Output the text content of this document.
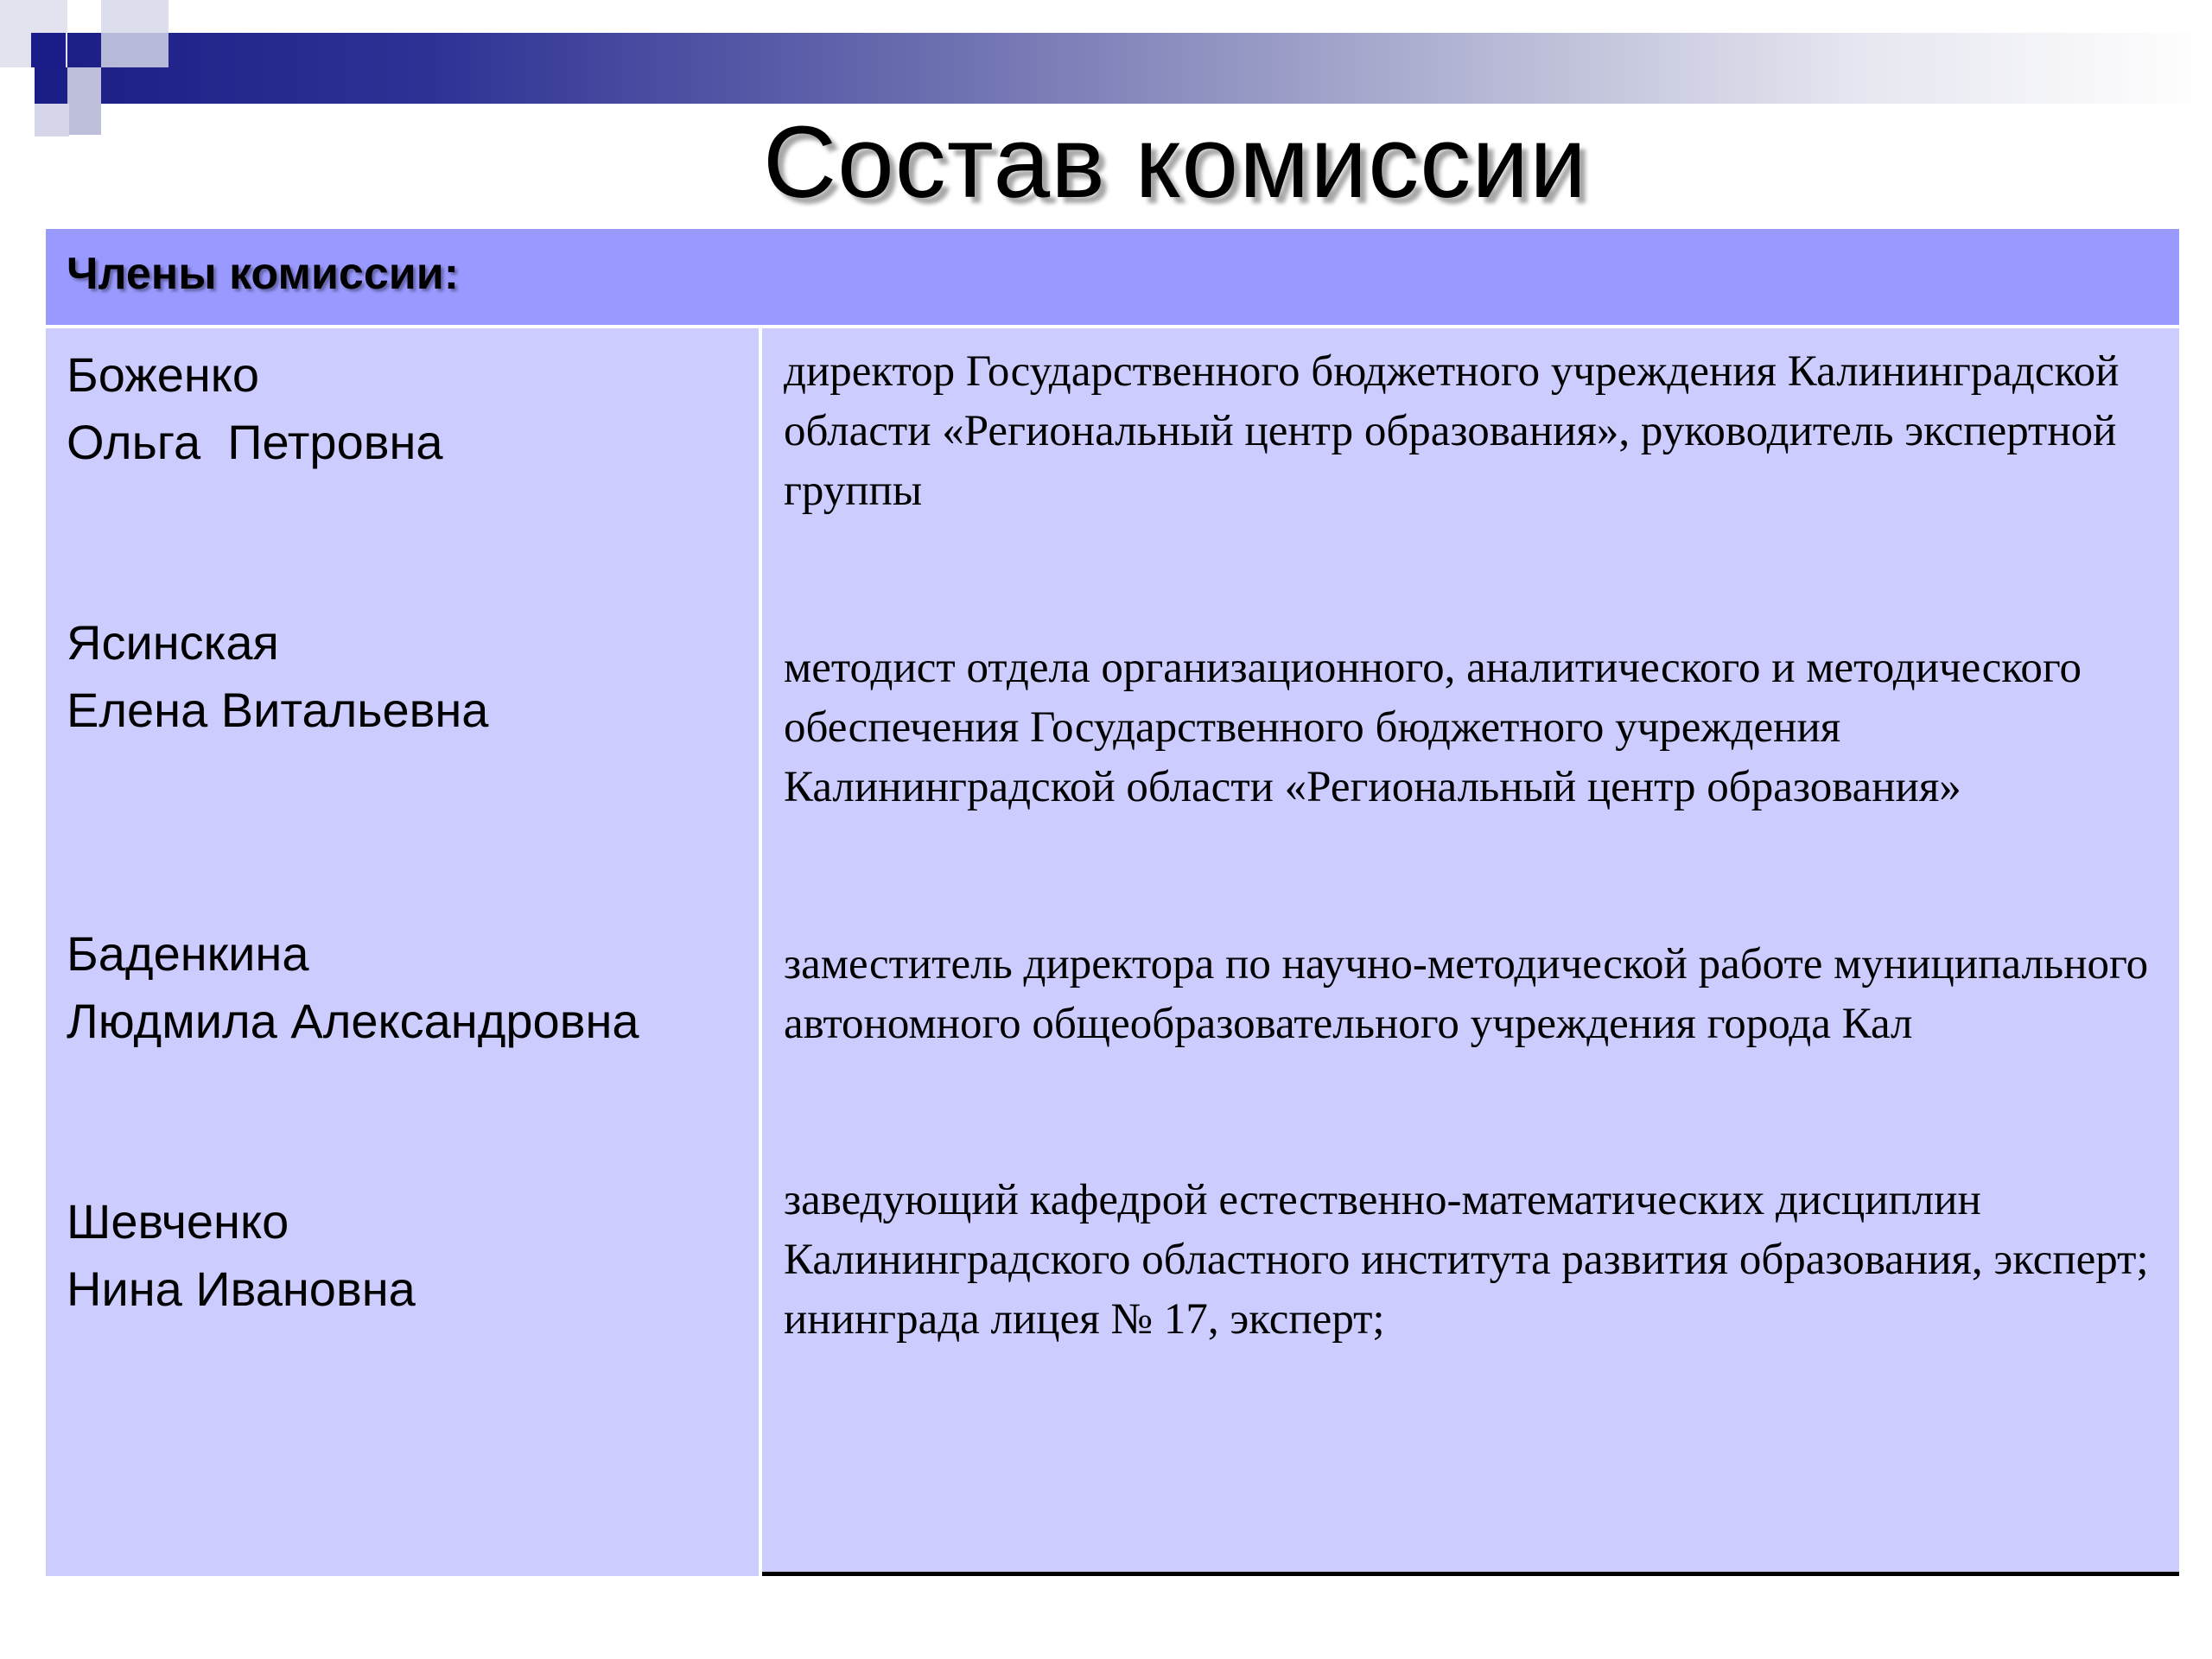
Состав комиссии
Члены комиссии:
Боженко
Ольга  Петровна
директор Государственного бюджетного учреждения Калининградской области «Региональный центр образования», руководитель экспертной группы
Ясинская
Елена Витальевна
методист отдела организационного, аналитического и методического обеспечения Государственного бюджетного учреждения Калининградской области «Региональный центр образования»
Баденкина
Людмила Александровна
заместитель директора по научно-методической работе муниципального автономного общеобразовательного учреждения города Кал
Шевченко
Нина Ивановна
заведующий кафедрой естественно-математических дисциплин Калининградского областного института развития образования, эксперт; ининграда лицея № 17, эксперт;
